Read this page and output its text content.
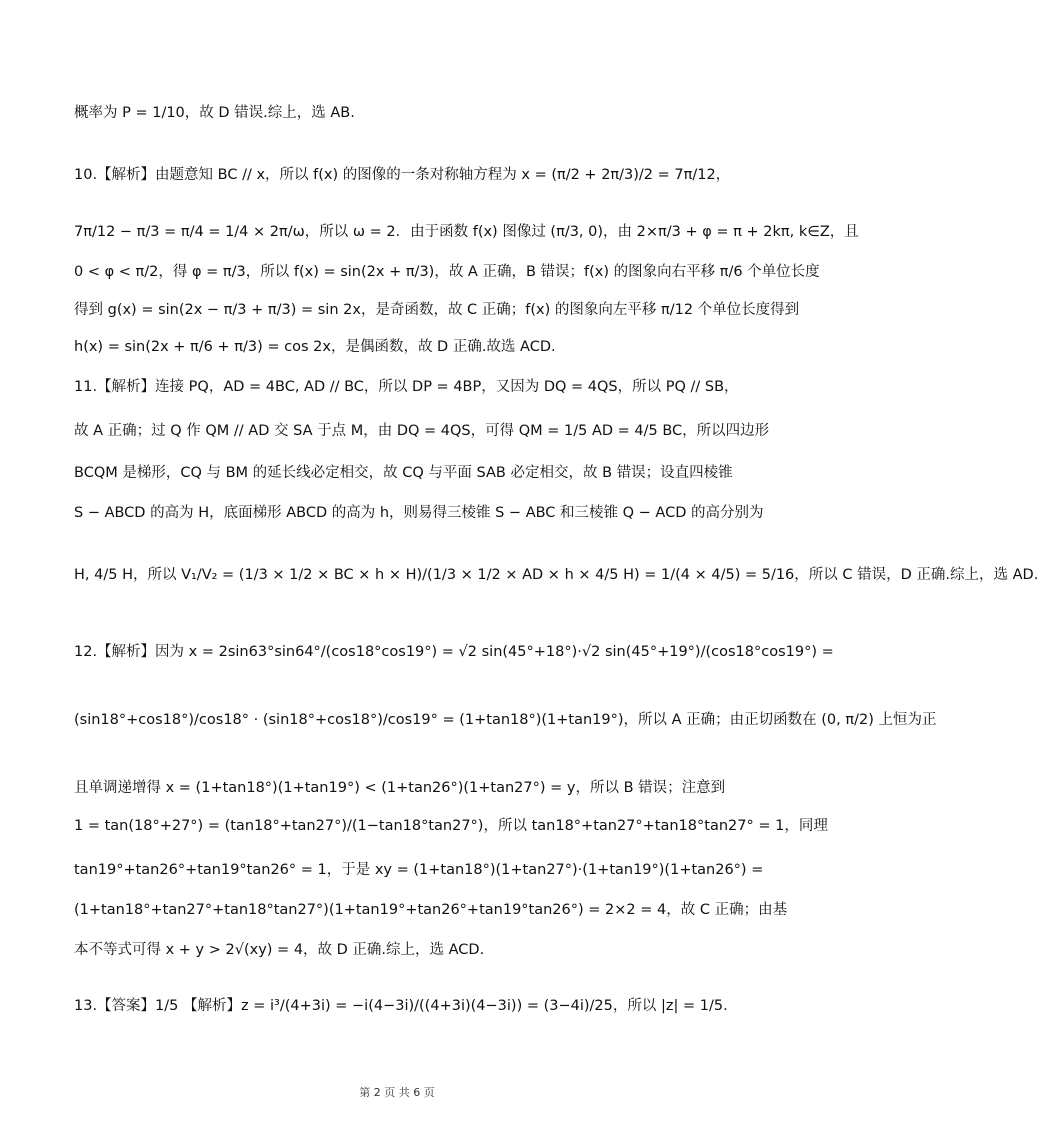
概率为 P = 1/10，故 D 错误.综上，选 AB.
10.【解析】由题意知 BC // x，所以 f(x) 的图像的一条对称轴方程为 x = (π/2 + 2π/3)/2 = 7π/12，
7π/12 − π/3 = π/4 = 1/4 × 2π/ω，所以 ω = 2．由于函数 f(x) 图像过 (π/3, 0)，由 2×π/3 + φ = π + 2kπ, k∈Z，且
0 < φ < π/2，得 φ = π/3，所以 f(x) = sin(2x + π/3)，故 A 正确，B 错误；f(x) 的图象向右平移 π/6 个单位长度
得到 g(x) = sin(2x − π/3 + π/3) = sin 2x，是奇函数，故 C 正确；f(x) 的图象向左平移 π/12 个单位长度得到
h(x) = sin(2x + π/6 + π/3) = cos 2x，是偶函数，故 D 正确.故选 ACD.
11.【解析】连接 PQ，AD = 4BC, AD // BC，所以 DP = 4BP，又因为 DQ = 4QS，所以 PQ // SB，
故 A 正确；过 Q 作 QM // AD 交 SA 于点 M，由 DQ = 4QS，可得 QM = 1/5 AD = 4/5 BC，所以四边形
BCQM 是梯形，CQ 与 BM 的延长线必定相交，故 CQ 与平面 SAB 必定相交，故 B 错误；设直四棱锥
S − ABCD 的高为 H，底面梯形 ABCD 的高为 h，则易得三棱锥 S − ABC 和三棱锥 Q − ACD 的高分别为
H, 4/5 H，所以 V₁/V₂ = (1/3 × 1/2 × BC × h × H)/(1/3 × 1/2 × AD × h × 4/5 H) = 1/(4 × 4/5) = 5/16，所以 C 错误，D 正确.综上，选 AD.
12.【解析】因为 x = 2sin63°sin64°/(cos18°cos19°) = √2 sin(45°+18°)·√2 sin(45°+19°)/(cos18°cos19°) =
(sin18°+cos18°)/cos18° · (sin18°+cos18°)/cos19° = (1+tan18°)(1+tan19°)，所以 A 正确；由正切函数在 (0, π/2) 上恒为正
且单调递增得 x = (1+tan18°)(1+tan19°) < (1+tan26°)(1+tan27°) = y，所以 B 错误；注意到
1 = tan(18°+27°) = (tan18°+tan27°)/(1−tan18°tan27°)，所以 tan18°+tan27°+tan18°tan27° = 1，同理
tan19°+tan26°+tan19°tan26° = 1，于是 xy = (1+tan18°)(1+tan27°)·(1+tan19°)(1+tan26°) =
(1+tan18°+tan27°+tan18°tan27°)(1+tan19°+tan26°+tan19°tan26°) = 2×2 = 4，故 C 正确；由基
本不等式可得 x + y > 2√(xy) = 4，故 D 正确.综上，选 ACD.
13.【答案】1/5 【解析】z = i³/(4+3i) = −i(4−3i)/((4+3i)(4−3i)) = (3−4i)/25，所以 |z| = 1/5.
第 2 页 共 6 页
